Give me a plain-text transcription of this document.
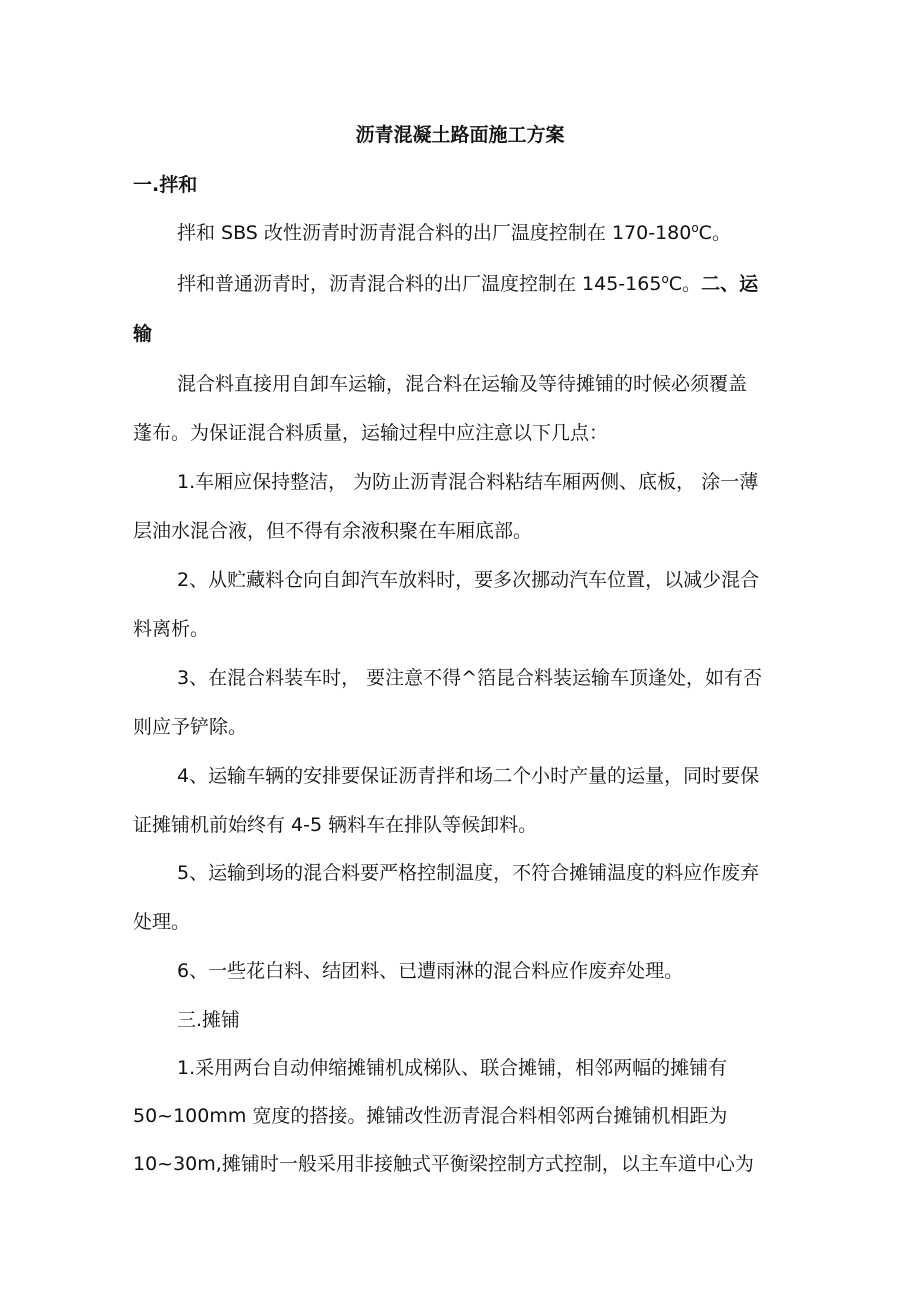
沥青混凝土路面施工方案
一.拌和
拌和 SBS 改性沥青时沥青混合料的出厂温度控制在 170-180$^o$C。
拌和普通沥青时，沥青混合料的出厂温度控制在 145-165$^o$C。二、运
输
混合料直接用自卸车运输，混合料在运输及等待摊铺的时候必须覆盖
蓬布。为保证混合料质量，运输过程中应注意以下几点：
1.车厢应保持整洁， 为防止沥青混合料粘结车厢两侧、底板， 涂一薄
层油水混合液，但不得有余液积聚在车厢底部。
2、从贮藏料仓向自卸汽车放料时，要多次挪动汽车位置，以减少混合
料离析。
3、在混合料装车时， 要注意不得^箔昆合料装运输车顶逢处，如有否
则应予铲除。
4、运输车辆的安排要保证沥青拌和场二个小时产量的运量，同时要保
证摊铺机前始终有 4-5 辆料车在排队等候卸料。
5、运输到场的混合料要严格控制温度，不符合摊铺温度的料应作废弃
处理。
6、一些花白料、结团料、已遭雨淋的混合料应作废弃处理。
三.摊铺
1.采用两台自动伸缩摊铺机成梯队、联合摊铺，相邻两幅的摊铺有
50~100mm 宽度的搭接。摊铺改性沥青混合料相邻两台摊铺机相距为
10~30m,摊铺时一般采用非接触式平衡梁控制方式控制，以主车道中心为
